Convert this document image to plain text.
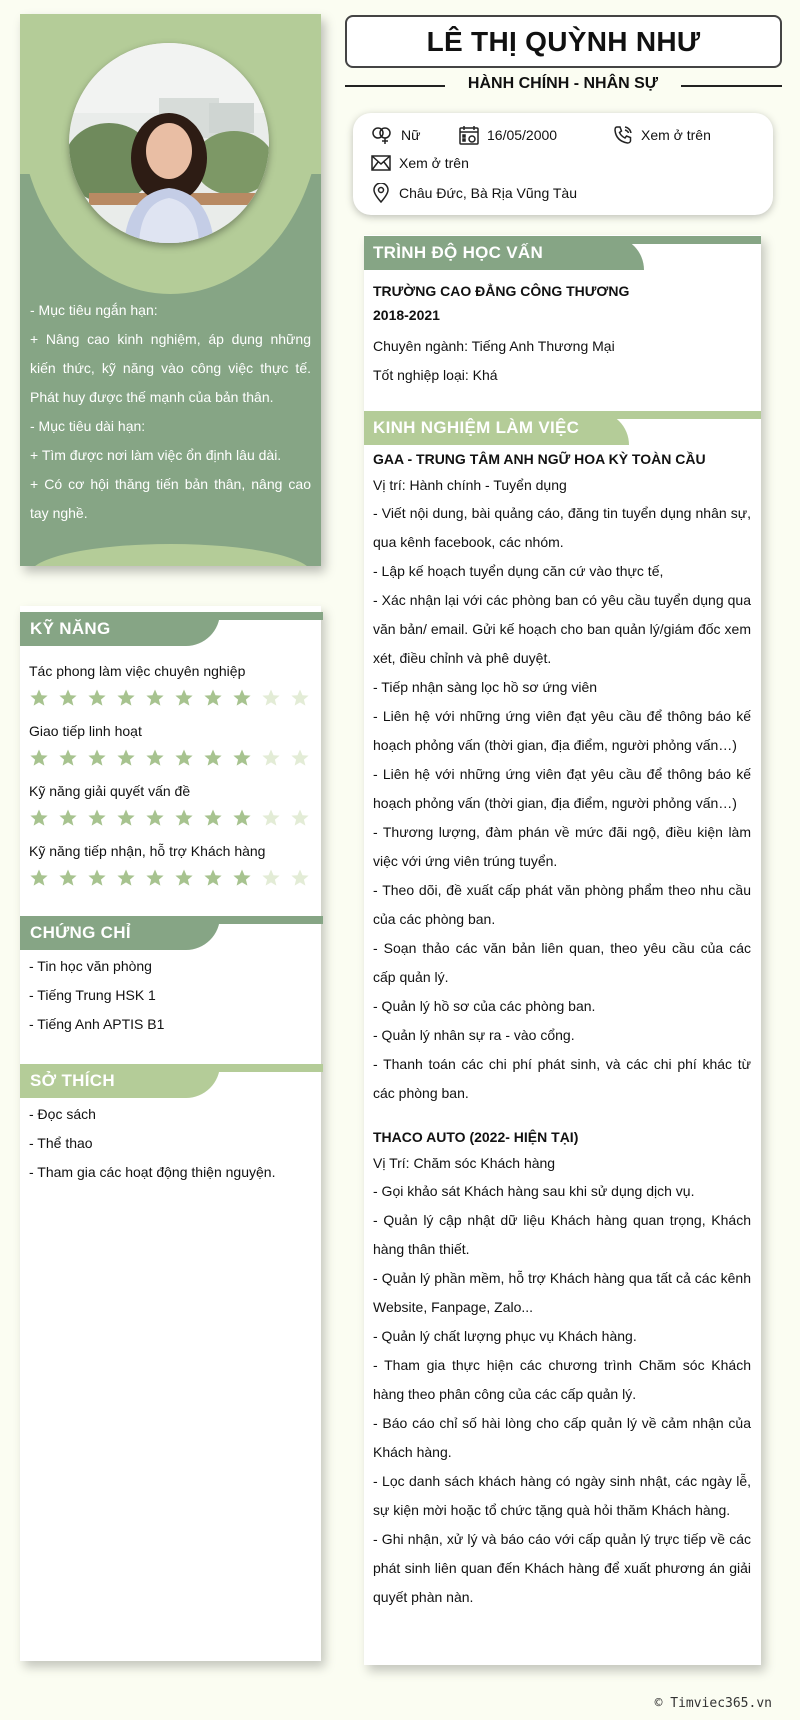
- Mục tiêu ngắn hạn:

+ Nâng cao kinh nghiệm, áp dụng những kiến thức, kỹ năng vào công việc thực tế. Phát huy được thế mạnh của bản thân.

- Mục tiêu dài hạn:

+ Tìm được nơi làm việc ổn định lâu dài.

+ Có cơ hội thăng tiến bản thân, nâng cao tay nghề.

KỸ NĂNG
Tác phong làm việc chuyên nghiệp
Giao tiếp linh hoạt
Kỹ năng giải quyết vấn đề
Kỹ năng tiếp nhận, hỗ trợ Khách hàng
CHỨNG CHỈ
- Tin học văn phòng
- Tiếng Trung HSK 1
- Tiếng Anh APTIS B1
SỞ THÍCH
- Đọc sách
- Thể thao
- Tham gia các hoạt động thiện nguyện.
LÊ THỊ QUỲNH NHƯ
HÀNH CHÍNH - NHÂN SỰ
Nữ	16/05/2000	Xem ở trên
Xem ở trên
Châu Đức, Bà Rịa Vũng Tàu
TRÌNH ĐỘ HỌC VẤN
TRƯỜNG CAO ĐẲNG CÔNG THƯƠNG
2018-2021
Chuyên ngành: Tiếng Anh Thương Mại
Tốt nghiệp loại: Khá
KINH NGHIỆM LÀM VIỆC
GAA - TRUNG TÂM ANH NGỮ HOA KỲ TOÀN CẦU
Vị trí: Hành chính - Tuyển dụng

- Viết nội dung, bài quảng cáo, đăng tin tuyển dụng nhân sự, qua kênh facebook, các nhóm.

- Lập kế hoạch tuyển dụng căn cứ vào thực tế,

- Xác nhận lại với các phòng ban có yêu cầu tuyển dụng qua văn bản/ email. Gửi kế hoạch cho ban quản lý/giám đốc xem xét, điều chỉnh và phê duyệt.

- Tiếp nhận sàng lọc hồ sơ ứng viên

- Liên hệ với những ứng viên đạt yêu cầu để thông báo kế hoạch phỏng vấn (thời gian, địa điểm, người phỏng vấn…)

- Liên hệ với những ứng viên đạt yêu cầu để thông báo kế hoạch phỏng vấn (thời gian, địa điểm, người phỏng vấn…)

- Thương lượng, đàm phán về mức đãi ngộ, điều kiện làm việc với ứng viên trúng tuyển.

- Theo dõi, đề xuất cấp phát văn phòng phẩm theo nhu cầu của các phòng ban.

- Soạn thảo các văn bản liên quan, theo yêu cầu của các cấp quản lý.

- Quản lý hồ sơ của các phòng ban.

- Quản lý nhân sự ra - vào cổng.

- Thanh toán các chi phí phát sinh, và các chi phí khác từ các phòng ban.

THACO AUTO (2022- HIỆN TẠI)
Vị Trí: Chăm sóc Khách hàng

- Gọi khảo sát Khách hàng sau khi sử dụng dịch vụ.

- Quản lý cập nhật dữ liệu Khách hàng quan trọng, Khách hàng thân thiết.

- Quản lý phần mềm, hỗ trợ Khách hàng qua tất cả các kênh Website, Fanpage, Zalo...

- Quản lý chất lượng phục vụ Khách hàng.

- Tham gia thực hiện các chương trình Chăm sóc Khách hàng theo phân công của các cấp quản lý.

- Báo cáo chỉ số hài lòng cho cấp quản lý về cảm nhận của Khách hàng.

- Lọc danh sách khách hàng có ngày sinh nhật, các ngày lễ, sự kiện mời hoặc tổ chức tặng quà hỏi thăm Khách hàng.

- Ghi nhận, xử lý và báo cáo với cấp quản lý trực tiếp về các phát sinh liên quan đến Khách hàng để xuất phương án giải quyết phàn nàn.

© Timviec365.vn
